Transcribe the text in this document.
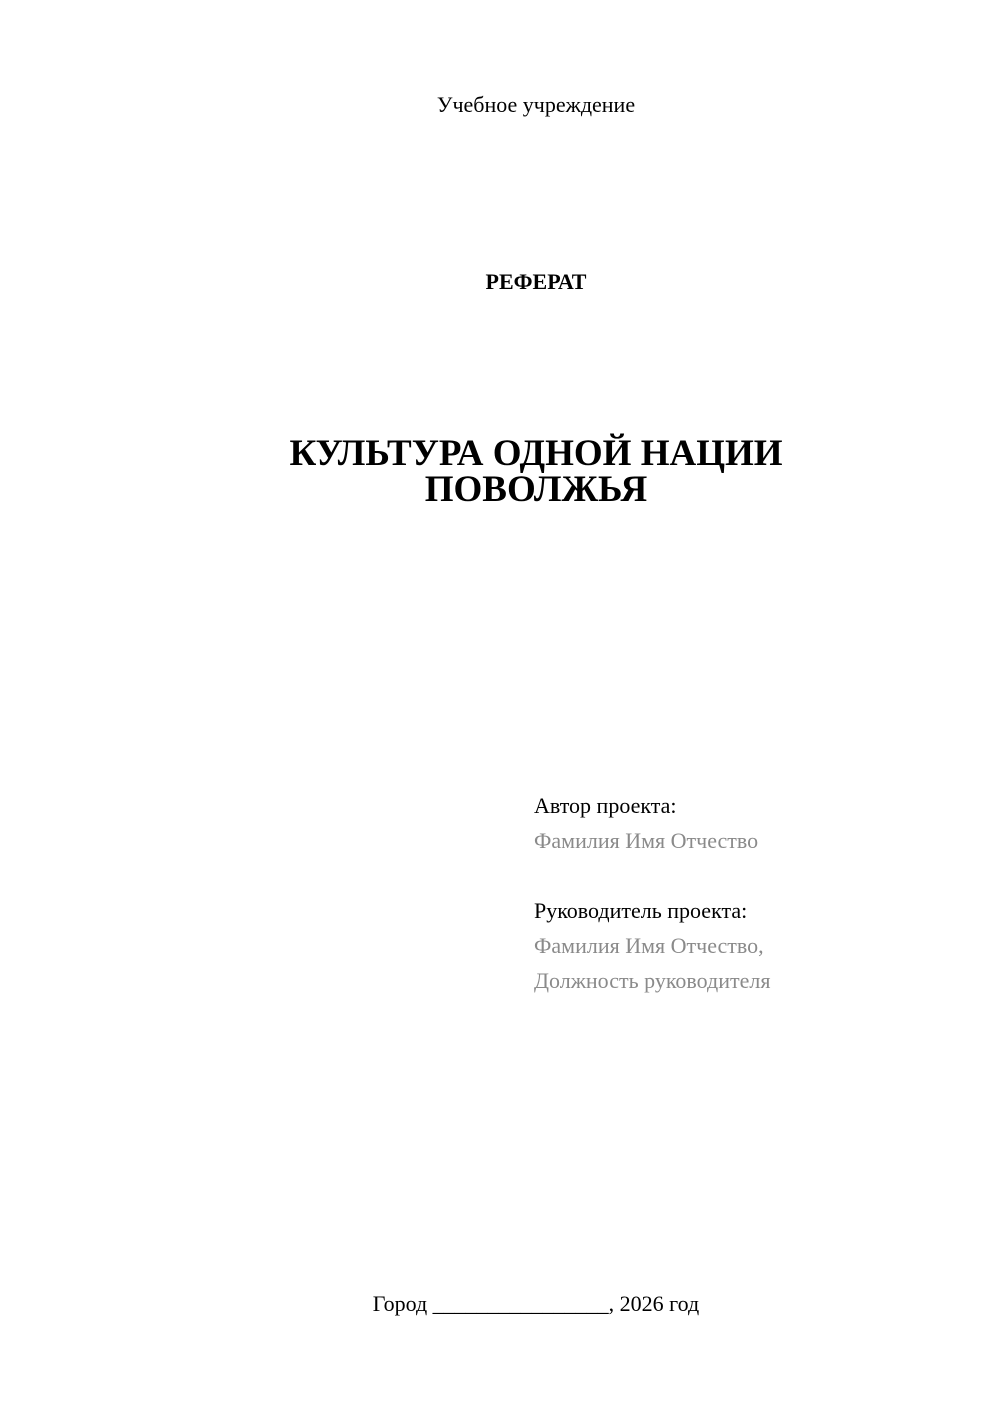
Учебное учреждение
РЕФЕРАТ
КУЛЬТУРА ОДНОЙ НАЦИИ
ПОВОЛЖЬЯ
Автор проекта:
Фамилия Имя Отчество
Руководитель проекта:
Фамилия Имя Отчество,
Должность руководителя
Город ________________, 2026 год
